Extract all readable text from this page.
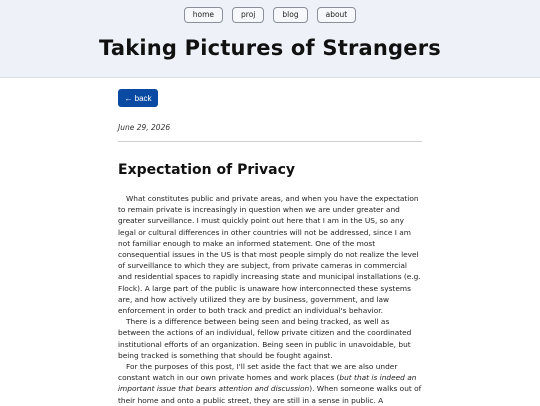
home	proj	blog	about
Taking Pictures of Strangers
← back
June 29, 2026
Expectation of Privacy

What constitutes public and private areas, and when you have the expectation to remain private is increasingly in question when we are under greater and greater surveillance. I must quickly point out here that I am in the US, so any legal or cultural differences in other countries will not be addressed, since I am not familiar enough to make an informed statement. One of the most consequential issues in the US is that most people simply do not realize the level of surveillance to which they are subject, from private cameras in commercial and residential spaces to rapidly increasing state and municipal installations (e.g. Flock). A large part of the public is unaware how interconnected these systems are, and how actively utilized they are by business, government, and law enforcement in order to both track and predict an individual's behavior.

There is a difference between being seen and being tracked, as well as between the actions of an individual, fellow private citizen and the coordinated institutional efforts of an organization. Being seen in public in unavoidable, but being tracked is something that should be fought against.

For the purposes of this post, I'll set aside the fact that we are also under constant watch in our own private homes and work places (but that is indeed an important issue that bears attention and discussion). When someone walks out of their home and onto a public street, they are still in a sense in public. A
